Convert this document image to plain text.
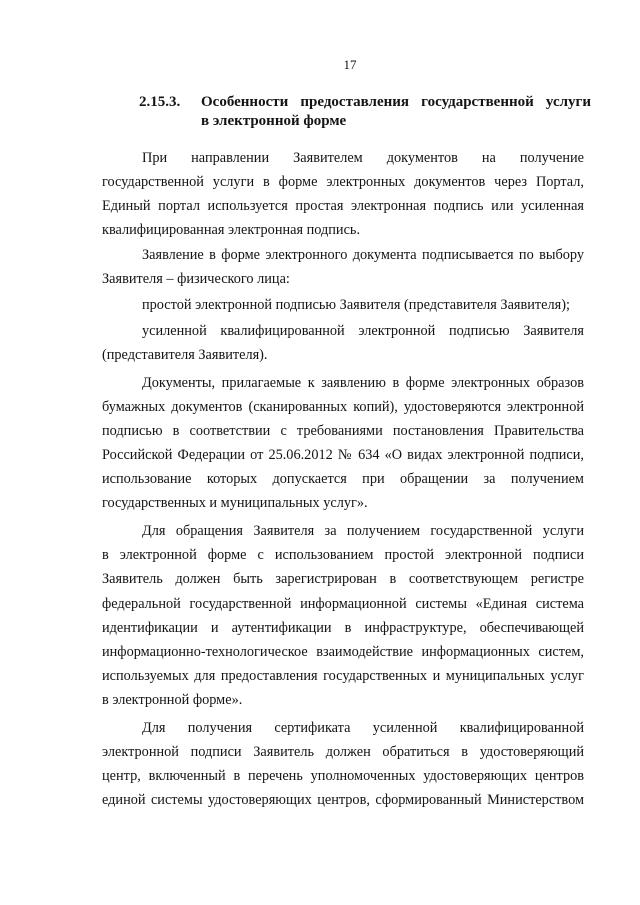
17
2.15.3. Особенности предоставления государственной услуги
в электронной форме
При направлении Заявителем документов на получение
государственной услуги в форме электронных документов через Портал,
Единый портал используется простая электронная подпись или усиленная
квалифицированная электронная подпись.
Заявление в форме электронного документа подписывается по выбору
Заявителя – физического лица:
простой электронной подписью Заявителя (представителя Заявителя);
усиленной квалифицированной электронной подписью Заявителя
(представителя Заявителя).
Документы, прилагаемые к заявлению в форме электронных образов
бумажных документов (сканированных копий), удостоверяются электронной
подписью в соответствии с требованиями постановления Правительства
Российской Федерации от 25.06.2012 № 634 «О видах электронной подписи,
использование которых допускается при обращении за получением
государственных и муниципальных услуг».
Для обращения Заявителя за получением государственной услуги
в электронной форме с использованием простой электронной подписи
Заявитель должен быть зарегистрирован в соответствующем регистре
федеральной государственной информационной системы «Единая система
идентификации и аутентификации в инфраструктуре, обеспечивающей
информационно-технологическое взаимодействие информационных систем,
используемых для предоставления государственных и муниципальных услуг
в электронной форме».
Для получения сертификата усиленной квалифицированной
электронной подписи Заявитель должен обратиться в удостоверяющий
центр, включенный в перечень уполномоченных удостоверяющих центров
единой системы удостоверяющих центров, сформированный Министерством
